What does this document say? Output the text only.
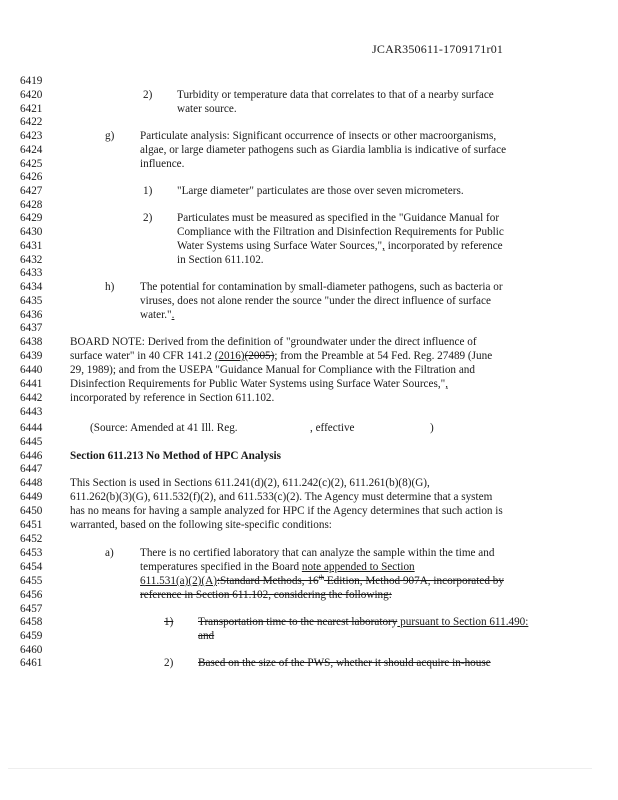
JCAR350611-1709171r01
6419
6420
6421
6422
6423
6424
6425
6426
6427
6428
6429
6430
6431
6432
6433
6434
6435
6436
6437
6438
6439
6440
6441
6442
6443
6444
6445
6446
6447
6448
6449
6450
6451
6452
6453
6454
6455
6456
6457
6458
6459
6460
6461
2) Turbidity or temperature data that correlates to that of a nearby surface
water source.
g) Particulate analysis: Significant occurrence of insects or other macroorganisms,
algae, or large diameter pathogens such as Giardia lamblia is indicative of surface
influence.
1) "Large diameter" particulates are those over seven micrometers.
2) Particulates must be measured as specified in the "Guidance Manual for
Compliance with the Filtration and Disinfection Requirements for Public
Water Systems using Surface Water Sources,", incorporated by reference
in Section 611.102.
h) The potential for contamination by small-diameter pathogens, such as bacteria or
viruses, does not alone render the source "under the direct influence of surface
water.".
BOARD NOTE: Derived from the definition of "groundwater under the direct influence of
surface water" in 40 CFR 141.2 (2016)(2005); from the Preamble at 54 Fed. Reg. 27489 (June
29, 1989); and from the USEPA "Guidance Manual for Compliance with the Filtration and
Disinfection Requirements for Public Water Systems using Surface Water Sources,",
incorporated by reference in Section 611.102.
(Source: Amended at 41 Ill. Reg.	, effective	)
Section 611.213 No Method of HPC Analysis
This Section is used in Sections 611.241(d)(2), 611.242(c)(2), 611.261(b)(8)(G),
611.262(b)(3)(G), 611.532(f)(2), and 611.533(c)(2). The Agency must determine that a system
has no means for having a sample analyzed for HPC if the Agency determines that such action is
warranted, based on the following site-specific conditions:
a) There is no certified laboratory that can analyze the sample within the time and
temperatures specified in the Board note appended to Section
611.531(a)(2)(A):Standard Methods, 16th Edition, Method 907A, incorporated by
reference in Section 611.102, considering the following:
1) Transportation time to the nearest laboratory pursuant to Section 611.490:
and
2) Based on the size of the PWS, whether it should acquire in-house
